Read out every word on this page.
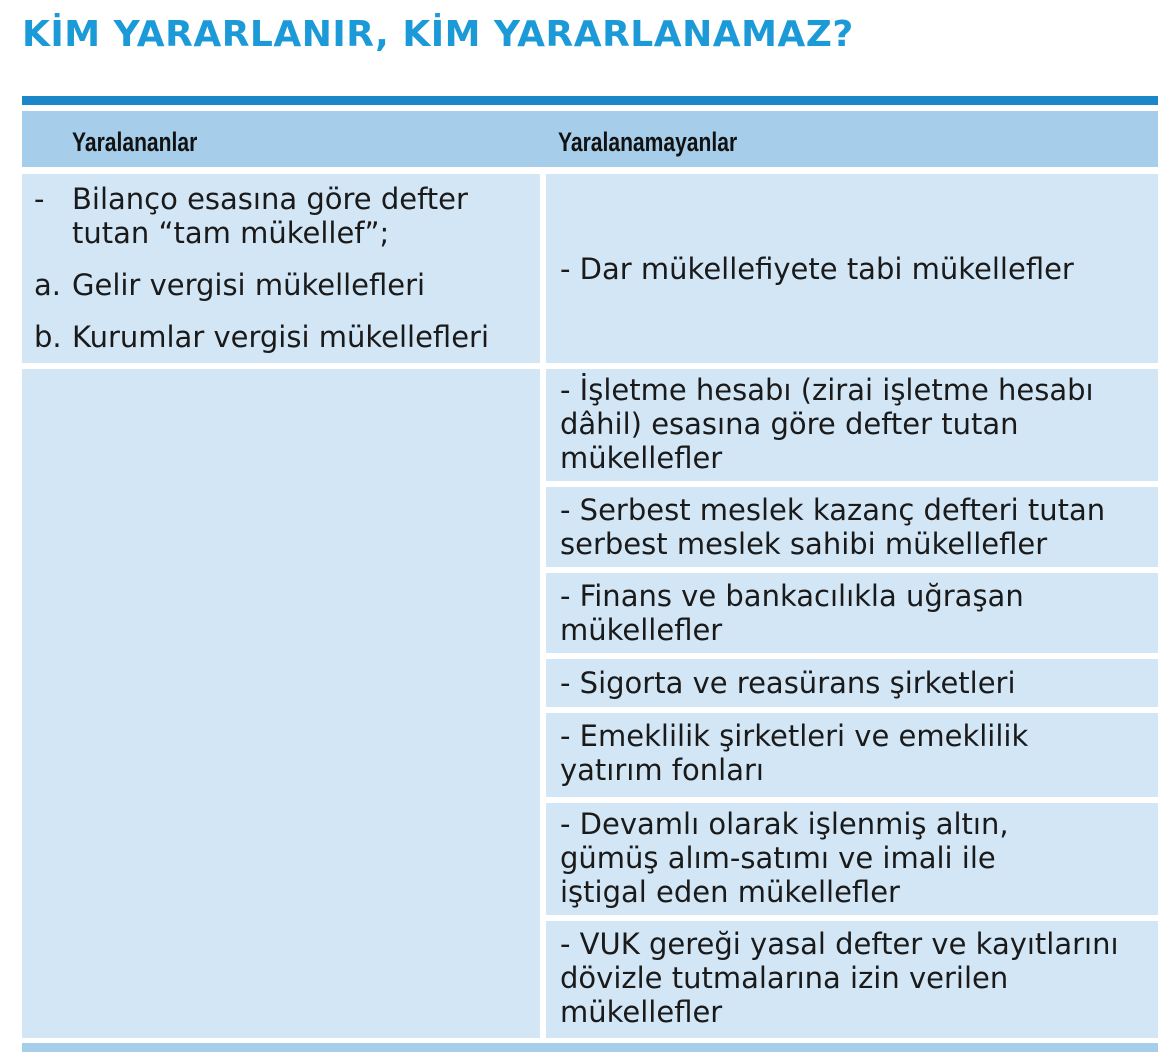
KİM YARARLANIR, KİM YARARLANAMAZ?
Yaralananlar	Yaralanamayanlar
- Bilanço esasına göre defter
tutan “tam mükellef”;
a. Gelir vergisi mükellefleri
b. Kurumlar vergisi mükellefleri
- Dar mükellefiyete tabi mükellefler
- İşletme hesabı (zirai işletme hesabı
dâhil) esasına göre defter tutan
mükellefler
- Serbest meslek kazanç defteri tutan
serbest meslek sahibi mükellefler
- Finans ve bankacılıkla uğraşan
mükellefler
- Sigorta ve reasürans şirketleri
- Emeklilik şirketleri ve emeklilik
yatırım fonları
- Devamlı olarak işlenmiş altın,
gümüş alım-satımı ve imali ile
iştigal eden mükellefler
- VUK gereği yasal defter ve kayıtlarını
dövizle tutmalarına izin verilen
mükellefler
